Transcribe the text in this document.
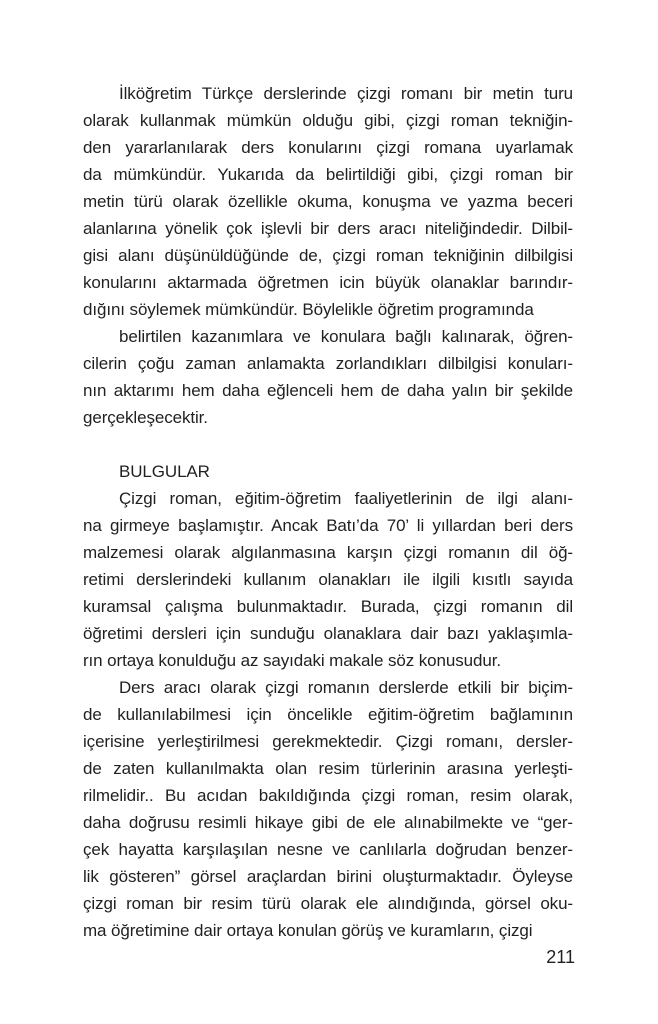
İlköğretim Türkçe derslerinde çizgi romanı bir metin turu
olarak kullanmak mümkün olduğu gibi, çizgi roman tekniğin-
den yararlanılarak ders konularını çizgi romana uyarlamak
da mümkündür. Yukarıda da belirtildiği gibi, çizgi roman bir
metin türü olarak özellikle okuma, konuşma ve yazma beceri
alanlarına yönelik çok işlevli bir ders aracı niteliğindedir. Dilbil-
gisi alanı düşünüldüğünde de, çizgi roman tekniğinin dilbilgisi
konularını aktarmada öğretmen icin büyük olanaklar barındır-
dığını söylemek mümkündür. Böylelikle öğretim programında
belirtilen kazanımlara ve konulara bağlı kalınarak, öğren-
cilerin çoğu zaman anlamakta zorlandıkları dilbilgisi konuları-
nın aktarımı hem daha eğlenceli hem de daha yalın bir şekilde
gerçekleşecektir.
BULGULAR
Çizgi roman, eğitim-öğretim faaliyetlerinin de ilgi alanı-
na girmeye başlamıştır. Ancak Batı’da 70’ li yıllardan beri ders
malzemesi olarak algılanmasına karşın çizgi romanın dil öğ-
retimi derslerindeki kullanım olanakları ile ilgili kısıtlı sayıda
kuramsal çalışma bulunmaktadır. Burada, çizgi romanın dil
öğretimi dersleri için sunduğu olanaklara dair bazı yaklaşımla-
rın ortaya konulduğu az sayıdaki makale söz konusudur.
Ders aracı olarak çizgi romanın derslerde etkili bir biçim-
de kullanılabilmesi için öncelikle eğitim-öğretim bağlamının
içerisine yerleştirilmesi gerekmektedir. Çizgi romanı, dersler-
de zaten kullanılmakta olan resim türlerinin arasına yerleşti-
rilmelidir.. Bu acıdan bakıldığında çizgi roman, resim olarak,
daha doğrusu resimli hikaye gibi de ele alınabilmekte ve “ger-
çek hayatta karşılaşılan nesne ve canlılarla doğrudan benzer-
lik gösteren” görsel araçlardan birini oluşturmaktadır. Öyleyse
çizgi roman bir resim türü olarak ele alındığında, görsel oku-
ma öğretimine dair ortaya konulan görüş ve kuramların, çizgi
211
